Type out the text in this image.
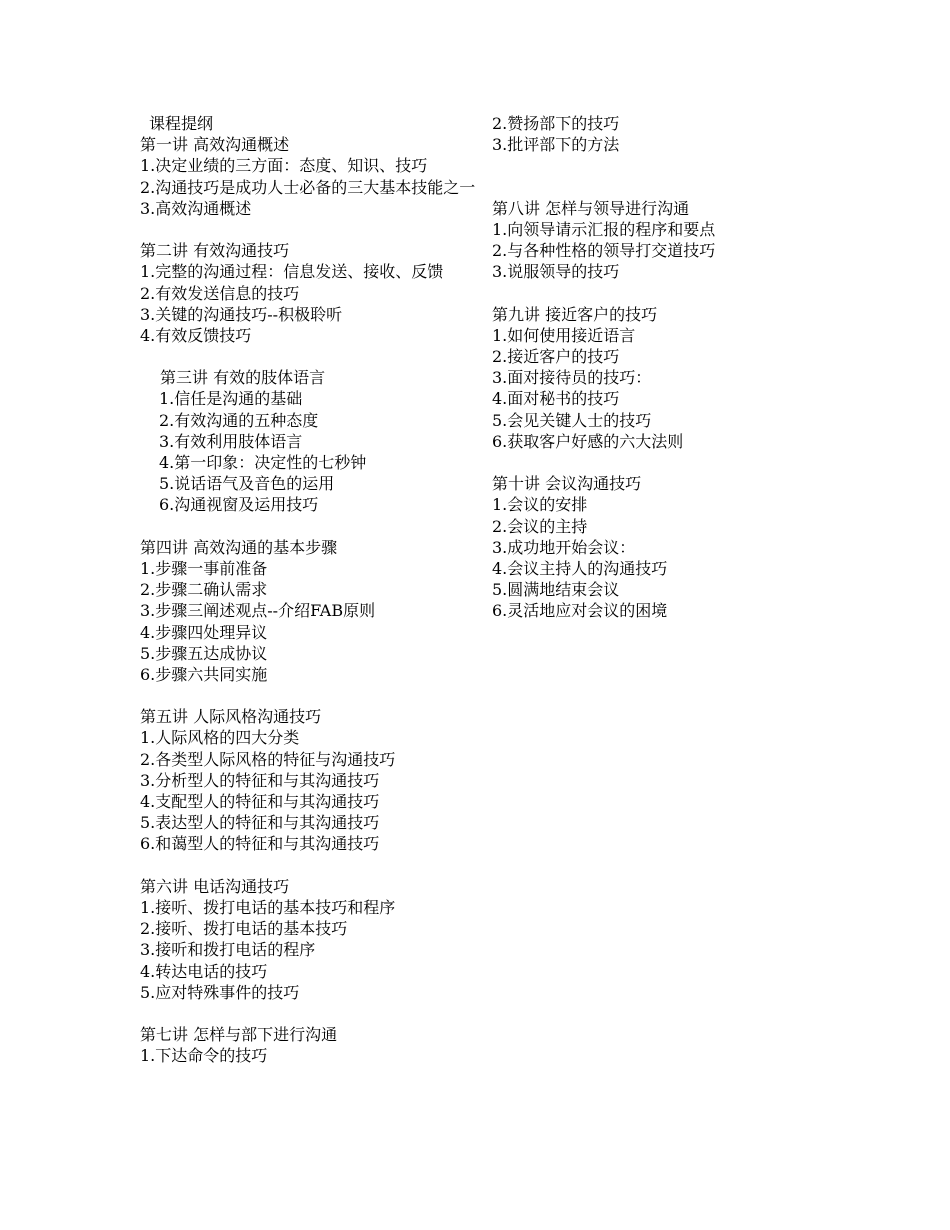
课程提纲
第一讲 高效沟通概述
1.决定业绩的三方面：态度、知识、技巧
2.沟通技巧是成功人士必备的三大基本技能之一
3.高效沟通概述
第二讲 有效沟通技巧
1.完整的沟通过程：信息发送、接收、反馈
2.有效发送信息的技巧
3.关键的沟通技巧--积极聆听
4.有效反馈技巧
第三讲 有效的肢体语言
1.信任是沟通的基础
2.有效沟通的五种态度
3.有效利用肢体语言
4.第一印象：决定性的七秒钟
5.说话语气及音色的运用
6.沟通视窗及运用技巧
第四讲 高效沟通的基本步骤
1.步骤一事前准备
2.步骤二确认需求
3.步骤三阐述观点--介绍FAB原则
4.步骤四处理异议
5.步骤五达成协议
6.步骤六共同实施
第五讲 人际风格沟通技巧
1.人际风格的四大分类
2.各类型人际风格的特征与沟通技巧
3.分析型人的特征和与其沟通技巧
4.支配型人的特征和与其沟通技巧
5.表达型人的特征和与其沟通技巧
6.和蔼型人的特征和与其沟通技巧
第六讲 电话沟通技巧
1.接听、拨打电话的基本技巧和程序
2.接听、拨打电话的基本技巧
3.接听和拨打电话的程序
4.转达电话的技巧
5.应对特殊事件的技巧
第七讲 怎样与部下进行沟通
1.下达命令的技巧
2.赞扬部下的技巧
3.批评部下的方法
第八讲 怎样与领导进行沟通
1.向领导请示汇报的程序和要点
2.与各种性格的领导打交道技巧
3.说服领导的技巧
第九讲 接近客户的技巧
1.如何使用接近语言
2.接近客户的技巧
3.面对接待员的技巧：
4.面对秘书的技巧
5.会见关键人士的技巧
6.获取客户好感的六大法则
第十讲 会议沟通技巧
1.会议的安排
2.会议的主持
3.成功地开始会议：
4.会议主持人的沟通技巧
5.圆满地结束会议
6.灵活地应对会议的困境
